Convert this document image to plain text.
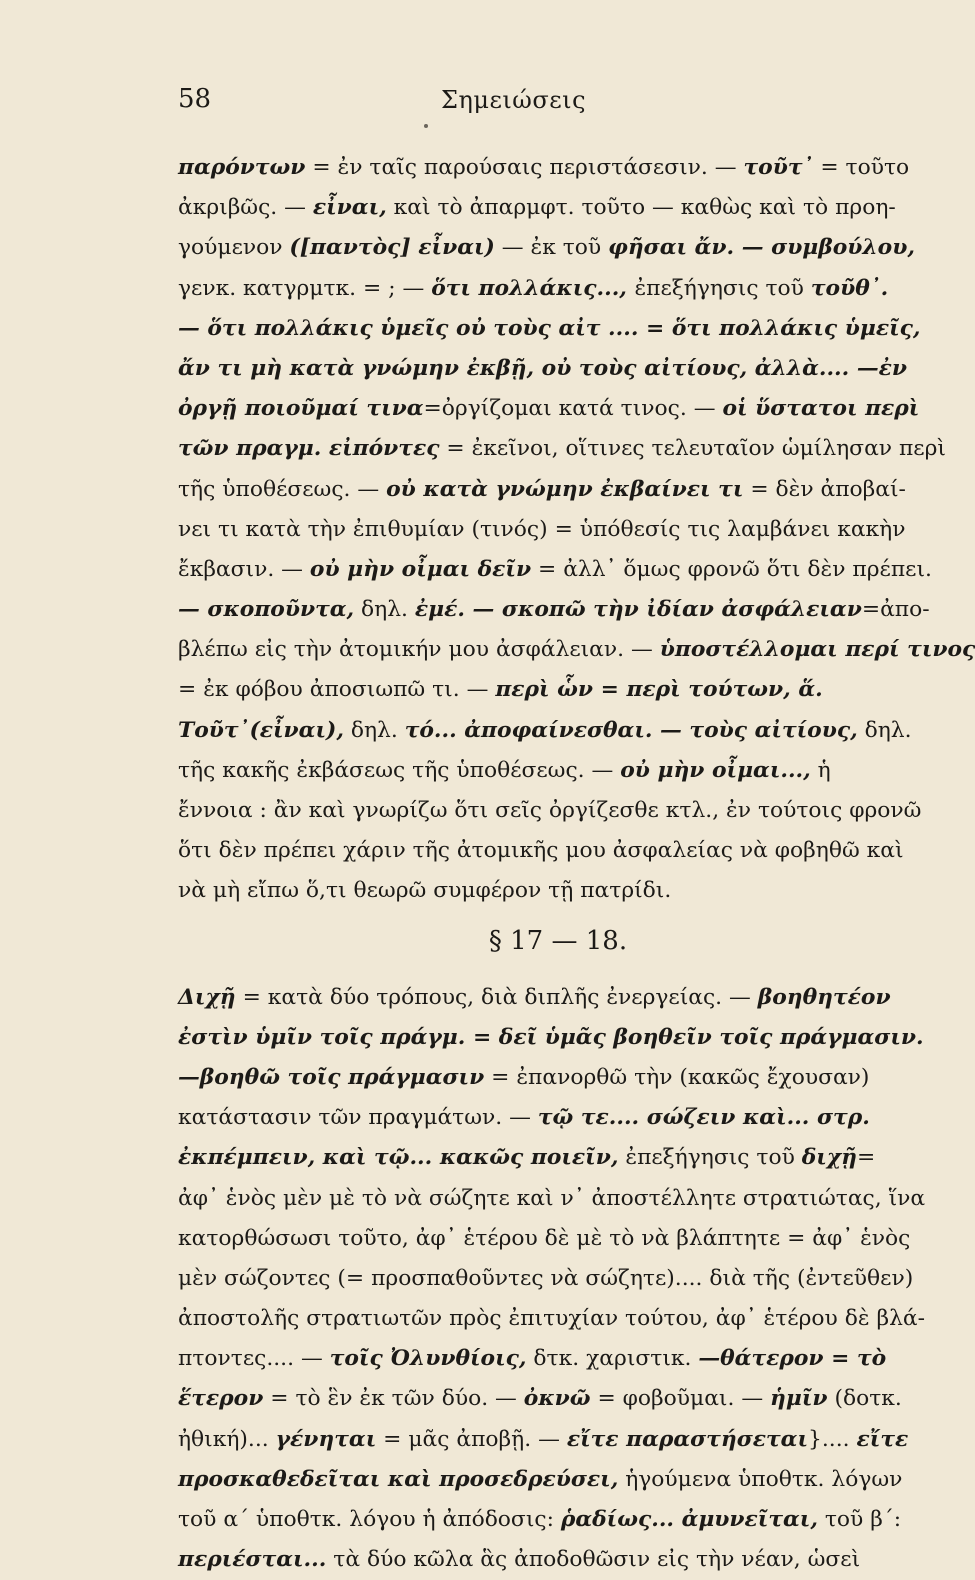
58	Σημειώσεις
παρόντων = ἐν ταῖς παρούσαις περιστάσεσιν. — τοῦτ᾽ = τοῦτο
ἀκριβῶς. — εἶναι, καὶ τὸ ἀπαρμφτ. τοῦτο — καθὼς καὶ τὸ προη-
γούμενον ([παντὸς] εἶναι) — ἐκ τοῦ φῆσαι ἄν. — συμβούλου,
γενκ. κατγρμτκ. = ; — ὅτι πολλάκις..., ἐπεξήγησις τοῦ τοῦθ᾽.
— ὅτι πολλάκις ὑμεῖς οὐ τοὺς αἰτ .... = ὅτι πολλάκις ὑμεῖς,
ἄν τι μὴ κατὰ γνώμην ἐκβῇ, οὐ τοὺς αἰτίους, ἀλλὰ.... —ἐν
ὀργῇ ποιοῦμαί τινα=ὀργίζομαι κατά τινος. — οἱ ὕστατοι περὶ
τῶν πραγμ. εἰπόντες = ἐκεῖνοι, οἵτινες τελευταῖον ὡμίλησαν περὶ
τῆς ὑποθέσεως. — οὐ κατὰ γνώμην ἐκβαίνει τι = δὲν ἀποβαί-
νει τι κατὰ τὴν ἐπιθυμίαν (τινός) = ὑπόθεσίς τις λαμβάνει κακὴν
ἔκβασιν. — οὐ μὴν οἶμαι δεῖν = ἀλλ᾽ ὅμως φρονῶ ὅτι δὲν πρέπει.
— σκοποῦντα, δηλ. ἐμέ. — σκοπῶ τὴν ἰδίαν ἀσφάλειαν=ἀπο-
βλέπω εἰς τὴν ἀτομικήν μου ἀσφάλειαν. — ὑποστέλλομαι περί τινος
= ἐκ φόβου ἀποσιωπῶ τι. — περὶ ὧν = περὶ τούτων, ἅ.
Τοῦτ᾽(εἶναι), δηλ. τό... ἀποφαίνεσθαι. — τοὺς αἰτίους, δηλ.
τῆς κακῆς ἐκβάσεως τῆς ὑποθέσεως. — οὐ μὴν οἶμαι..., ἡ
ἔννοια : ἂν καὶ γνωρίζω ὅτι σεῖς ὀργίζεσθε κτλ., ἐν τούτοις φρονῶ
ὅτι δὲν πρέπει χάριν τῆς ἀτομικῆς μου ἀσφαλείας νὰ φοβηθῶ καὶ
νὰ μὴ εἴπω ὅ,τι θεωρῶ συμφέρον τῇ πατρίδι.
§ 17 — 18.
Διχῇ = κατὰ δύο τρόπους, διὰ διπλῆς ἐνεργείας. — βοηθητέον
ἐστὶν ὑμῖν τοῖς πράγμ. = δεῖ ὑμᾶς βοηθεῖν τοῖς πράγμασιν.
—βοηθῶ τοῖς πράγμασιν = ἐπανορθῶ τὴν (κακῶς ἔχουσαν)
κατάστασιν τῶν πραγμάτων. — τῷ τε.... σώζειν καὶ... στρ.
ἐκπέμπειν, καὶ τῷ... κακῶς ποιεῖν, ἐπεξήγησις τοῦ διχῇ=
ἀφ᾽ ἑνὸς μὲν μὲ τὸ νὰ σώζητε καὶ ν᾽ ἀποστέλλητε στρατιώτας, ἵνα
κατορθώσωσι τοῦτο, ἀφ᾽ ἑτέρου δὲ μὲ τὸ νὰ βλάπτητε = ἀφ᾽ ἑνὸς
μὲν σώζοντες (= προσπαθοῦντες νὰ σώζητε).... διὰ τῆς (ἐντεῦθεν)
ἀποστολῆς στρατιωτῶν πρὸς ἐπιτυχίαν τούτου, ἀφ᾽ ἑτέρου δὲ βλά-
πτοντες.... — τοῖς Ὀλυνθίοις, δτκ. χαριστικ. —θάτερον = τὸ
ἕτερον = τὸ ἓν ἐκ τῶν δύο. — ὀκνῶ = φοβοῦμαι. — ἡμῖν (δοτκ.
ἠθική)... γένηται = μᾶς ἀποβῇ. — εἴτε παραστήσεται}.... εἴτε
προσκαθεδεῖται καὶ προσεδρεύσει, ἡγούμενα ὑποθτκ. λόγων
τοῦ α΄ ὑποθτκ. λόγου ἡ ἀπόδοσις: ῥαδίως... ἀμυνεῖται, τοῦ β΄:
περιέσται... τὰ δύο κῶλα ἃς ἀποδοθῶσιν εἰς τὴν νέαν, ὡσεὶ
